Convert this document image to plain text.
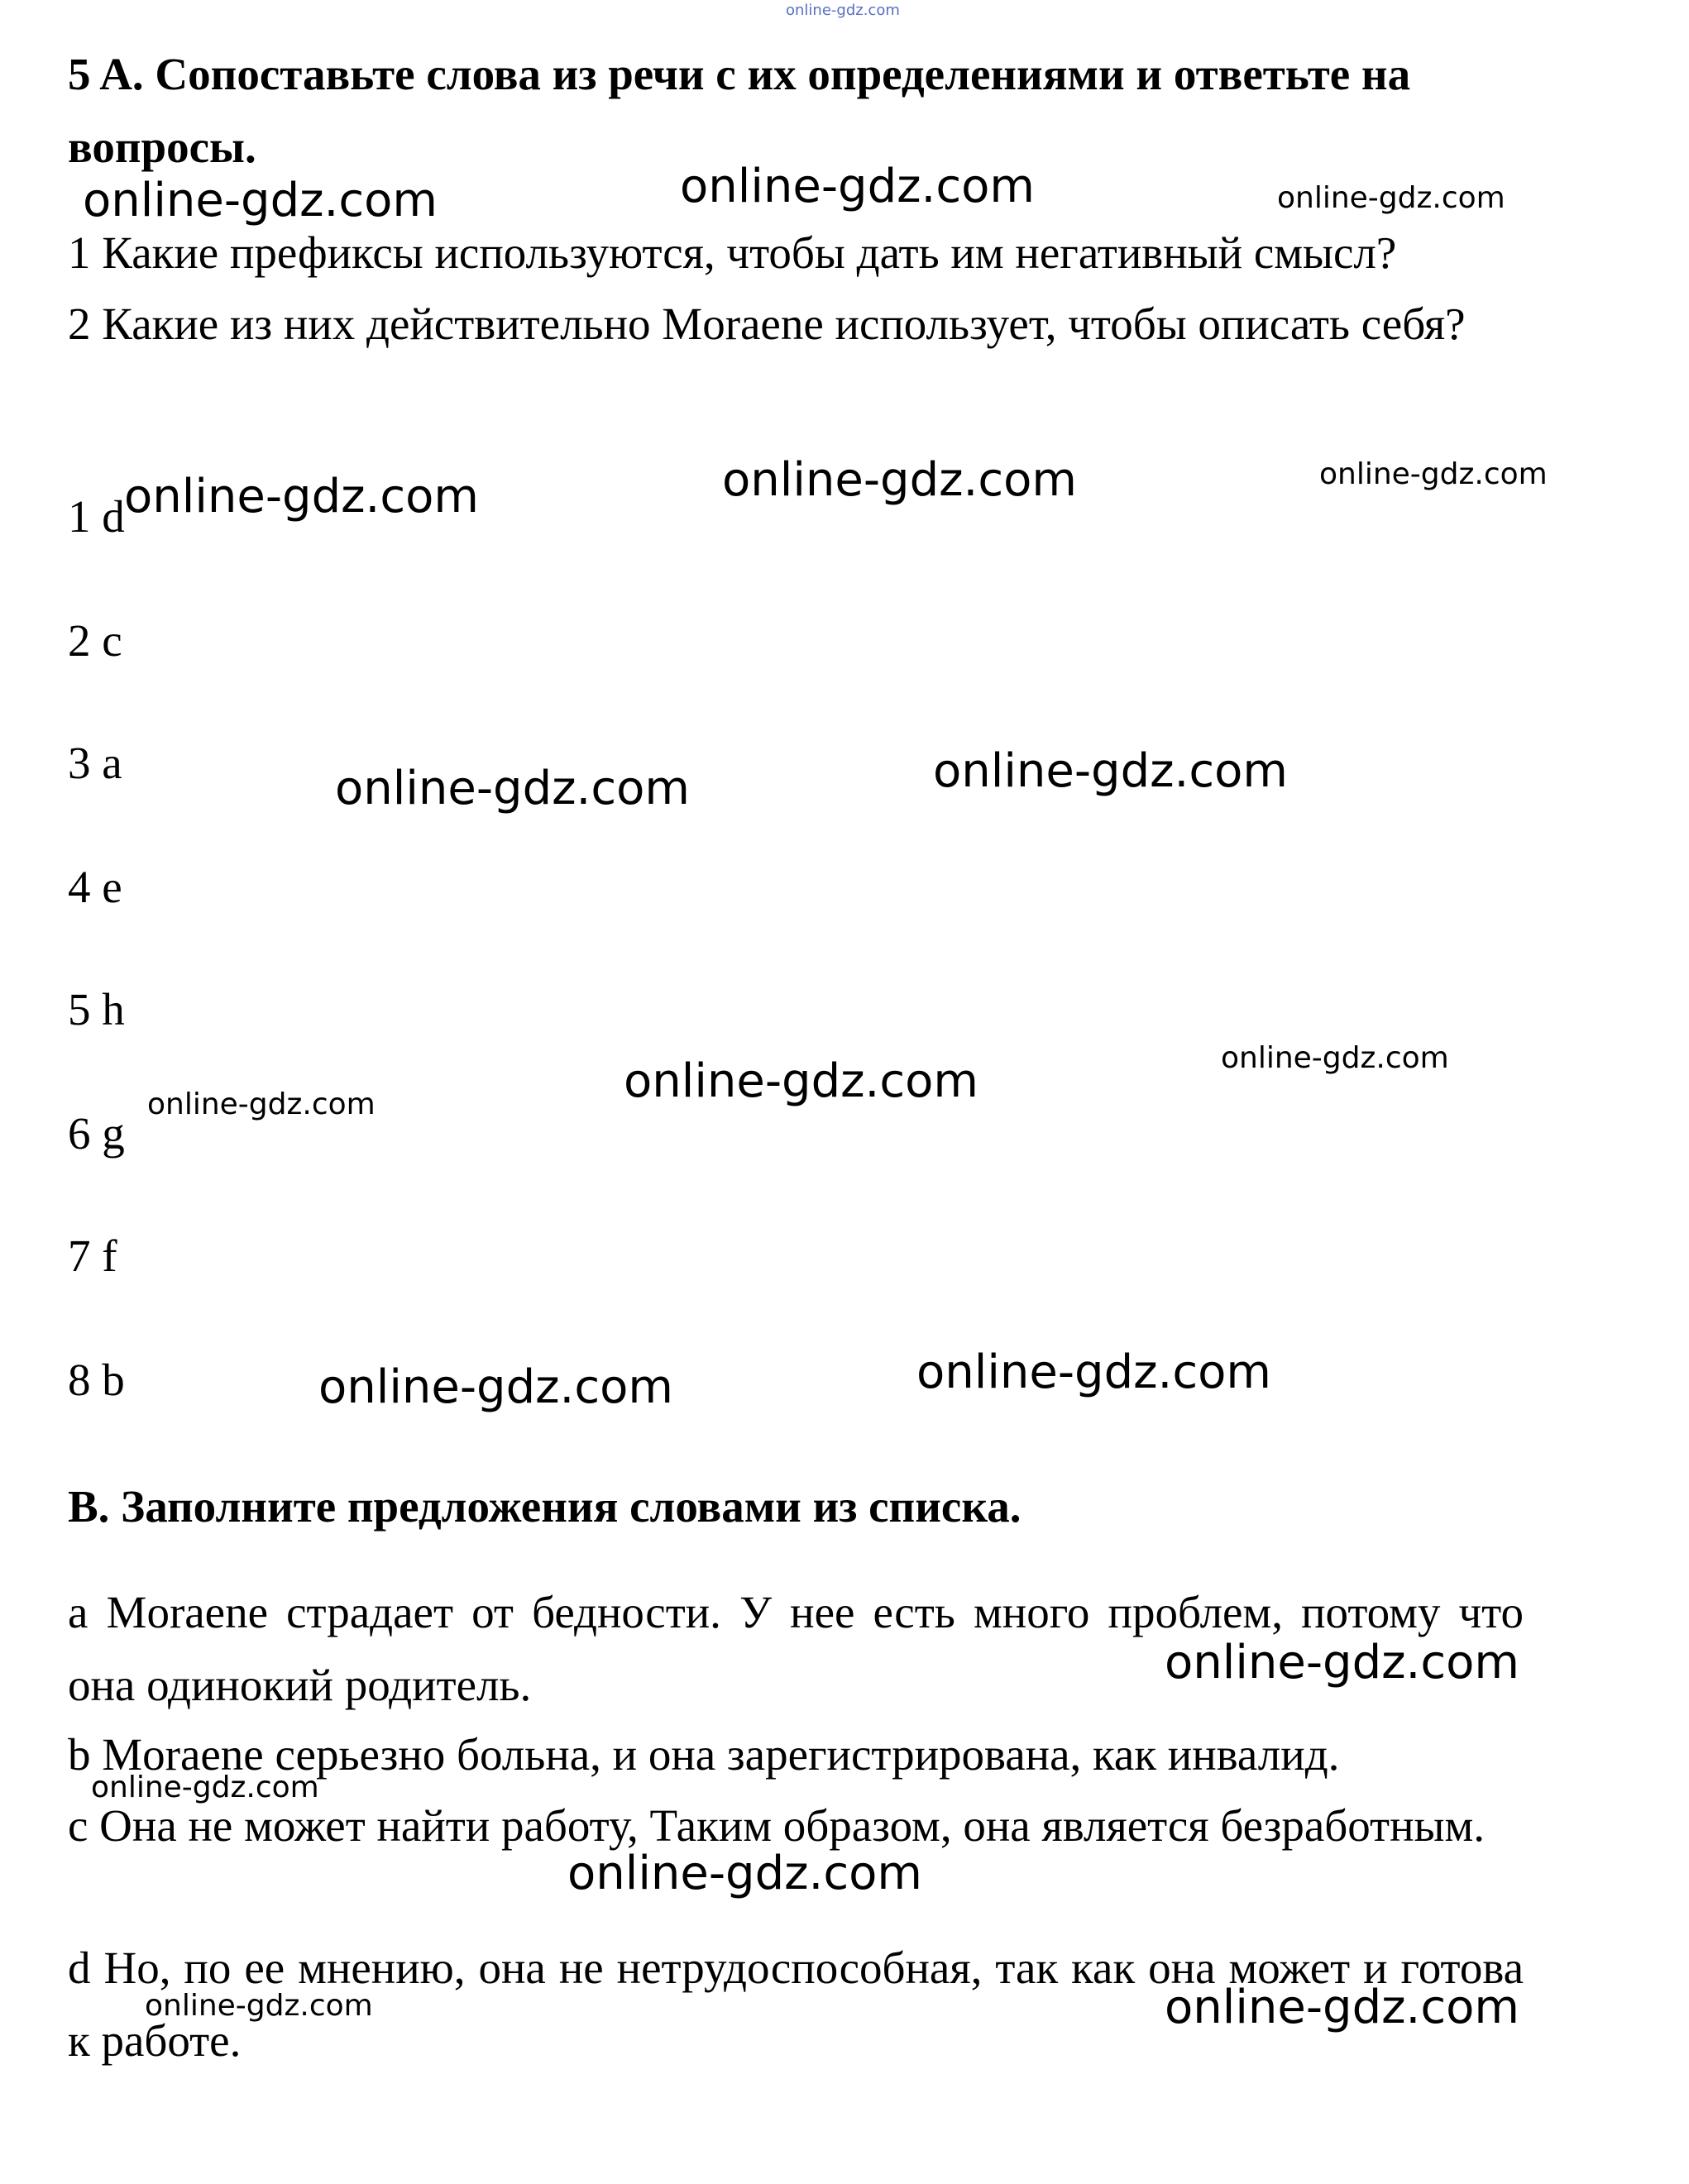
online-gdz.com
5 A. Сопоставьте слова из речи с их определениями и ответьте на вопросы.
1 Какие префиксы используются, чтобы дать им негативный смысл?
2 Какие из них действительно Moraene использует, чтобы описать себя?
1 d
2 c
3 a
4 e
5 h
6 g
7 f
8 b
B. Заполните предложения словами из списка.
a Moraene страдает от бедности. У нее есть много проблем, потому что она одинокий родитель.
b Moraene серьезно больна, и она зарегистрирована, как инвалид.
c Она не может найти работу, Таким образом, она является безработным.
d Но, по ее мнению, она не нетрудоспособная, так как она может и готова к работе.
online-gdz.com	online-gdz.com	online-gdz.com
online-gdz.com	online-gdz.com	online-gdz.com
online-gdz.com	online-gdz.com
online-gdz.com	online-gdz.com
online-gdz.com
online-gdz.com	online-gdz.com
online-gdz.com
online-gdz.com
online-gdz.com
online-gdz.com	online-gdz.com
